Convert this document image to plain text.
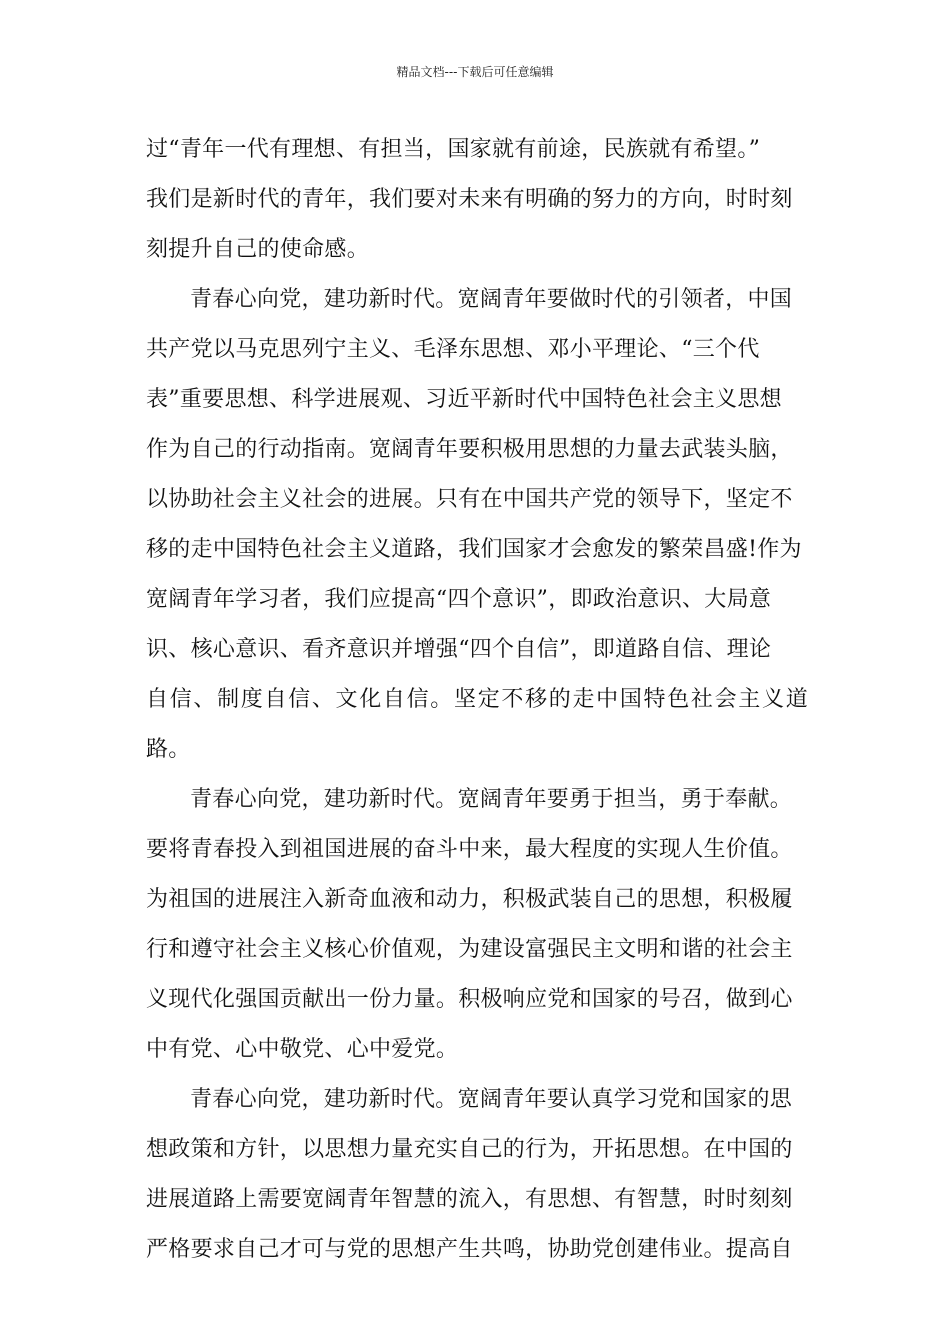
精品文档---下载后可任意编辑

过“青年一代有理想、有担当，国家就有前途，民族就有希望。”
我们是新时代的青年，我们要对未来有明确的努力的方向，时时刻
刻提升自己的使命感。

青春心向党，建功新时代。宽阔青年要做时代的引领者，中国
共产党以马克思列宁主义、毛泽东思想、邓小平理论、“三个代
表”重要思想、科学进展观、习近平新时代中国特色社会主义思想
作为自己的行动指南。宽阔青年要积极用思想的力量去武装头脑，
以协助社会主义社会的进展。只有在中国共产党的领导下，坚定不
移的走中国特色社会主义道路，我们国家才会愈发的繁荣昌盛!作为
宽阔青年学习者，我们应提高“四个意识”，即政治意识、大局意
识、核心意识、看齐意识并增强“四个自信”，即道路自信、理论
自信、制度自信、文化自信。坚定不移的走中国特色社会主义道路。

青春心向党，建功新时代。宽阔青年要勇于担当，勇于奉献。
要将青春投入到祖国进展的奋斗中来，最大程度的实现人生价值。
为祖国的进展注入新奇血液和动力，积极武装自己的思想，积极履
行和遵守社会主义核心价值观，为建设富强民主文明和谐的社会主
义现代化强国贡献出一份力量。积极响应党和国家的号召，做到心
中有党、心中敬党、心中爱党。

青春心向党，建功新时代。宽阔青年要认真学习党和国家的思
想政策和方针，以思想力量充实自己的行为，开拓思想。在中国的
进展道路上需要宽阔青年智慧的流入，有思想、有智慧，时时刻刻
严格要求自己才可与党的思想产生共鸣，协助党创建伟业。提高自
